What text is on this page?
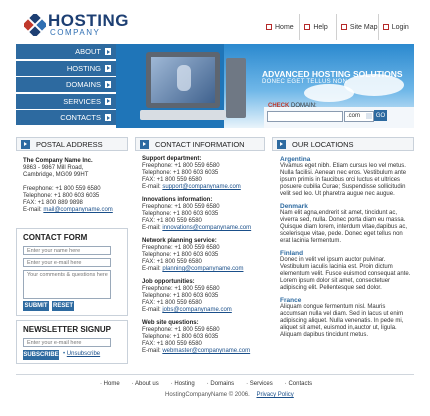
HOSTING
COMPANY
Home	Help	Site Map Login
ABOUT
HOSTING
DOMAINS
SERVICES
CONTACTS
ADVANCED HOSTING SOLUTIONS
DONEC EGET TELLUS NON
CHECK DOMAIN:
.com	GO
POSTAL ADDRESS
The Company Name Inc.
9863 - 9867 Mill Road,
Cambridge, MG09 99HT
Freephone: +1 800 559 6580
Telephone: +1 800 603 6035
FAX: +1 800 889 9898
E-mail: mail@companyname.com
CONTACT FORM
Enter your name here
Enter your e-mail here
Your comments & questions here
SUBMIT RESET
NEWSLETTER SIGNUP
Enter your e-mail here
SUBSCRIBE • Unsubscribe
CONTACT INFORMATION
Support department:
Freephone: +1 800 559 6580
Telephone: +1 800 603 6035
FAX: +1 800 559 6580
E-mail: support@companyname.com
Innovations information:
Freephone: +1 800 559 6580
Telephone: +1 800 603 6035
FAX: +1 800 559 6580
E-mail: innovations@companyname.com
Network planning service:
Freephone: +1 800 559 6580
Telephone: +1 800 603 6035
FAX: +1 800 559 6580
E-mail: planning@companyname.com
Job opportunities:
Freephone: +1 800 559 6580
Telephone: +1 800 603 6035
FAX: +1 800 559 6580
E-mail: jobs@companyname.com
Web site questions:
Freephone: +1 800 559 6580
Telephone: +1 800 603 6035
FAX: +1 800 559 6580
E-mail: webmaster@companyname.com
OUR LOCATIONS
Argentina
Vivamus eget nibh. Etiam cursus leo vel metus. Nulla facilisi. Aenean nec eros. Vestibulum ante ipsum primis in faucibus orci luctus et ultrices posuere cubilia Curae; Suspendisse sollicitudin velit sed leo. Ut pharetra augue nec augue.
Denmark
Nam elit agna,endrerit sit amet, tincidunt ac, viverra sed, nulla. Donec porta diam eu massa. Quisque diam lorem, interdum vitae,dapibus ac, scelerisque vitae, pede. Donec eget tellus non erat lacinia fermentum.
Finland
Donec in velit vel ipsum auctor pulvinar. Vestibulum iaculis lacinia est. Proin dictum elementum velit. Fusce euismod consequat ante. Lorem ipsum dolor sit amet, consectetuer adipiscing elit. Pellentesque sed dolor.
France
Aliquam congue fermentum nisl. Mauris accumsan nulla vel diam. Sed in lacus ut enim adipiscing aliquet. Nulla venenatis. In pede mi, aliquet sit amet, euismod in,auctor ut, ligula. Aliquam dapibus tincidunt metus.
· Home · About us · Hosting · Domains · Services · Contacts
HostingCompanyName © 2006. Privacy Policy
